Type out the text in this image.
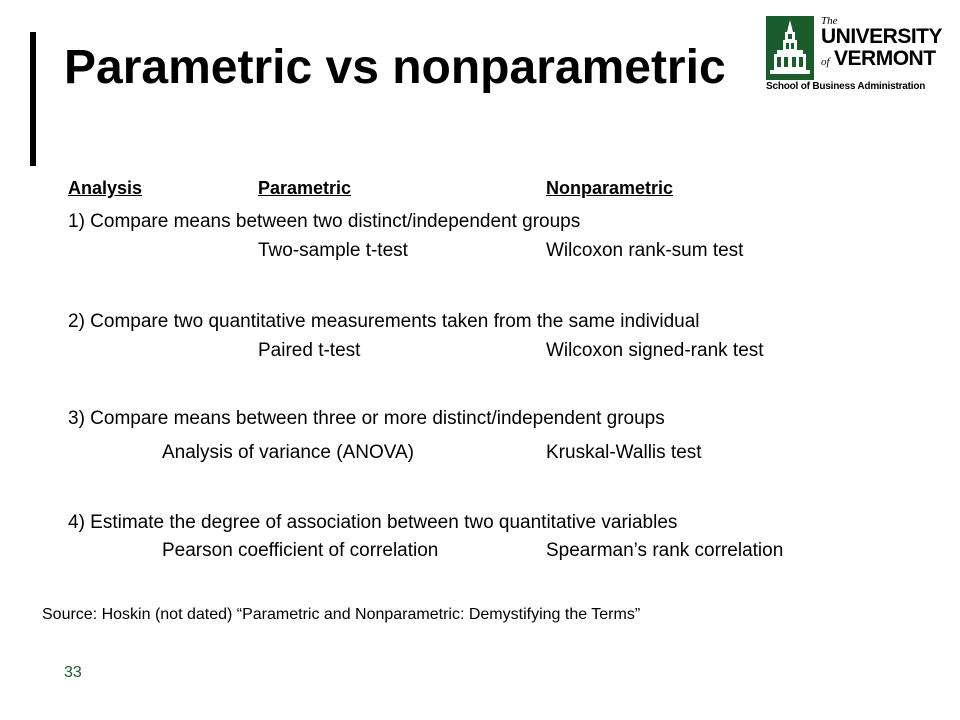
Parametric vs nonparametric
The
UNIVERSITY
of VERMONT
School of Business Administration
Analysis	Parametric	Nonparametric
1) Compare means between two distinct/independent groups
Two-sample t-test	Wilcoxon rank-sum test
2) Compare two quantitative measurements taken from the same individual
Paired t-test	Wilcoxon signed-rank test
3) Compare means between three or more distinct/independent groups
Analysis of variance (ANOVA)	Kruskal-Wallis test
4) Estimate the degree of association between two quantitative variables
Pearson coefficient of correlation	Spearman’s rank correlation
Source: Hoskin (not dated) “Parametric and Nonparametric: Demystifying the Terms”
33
